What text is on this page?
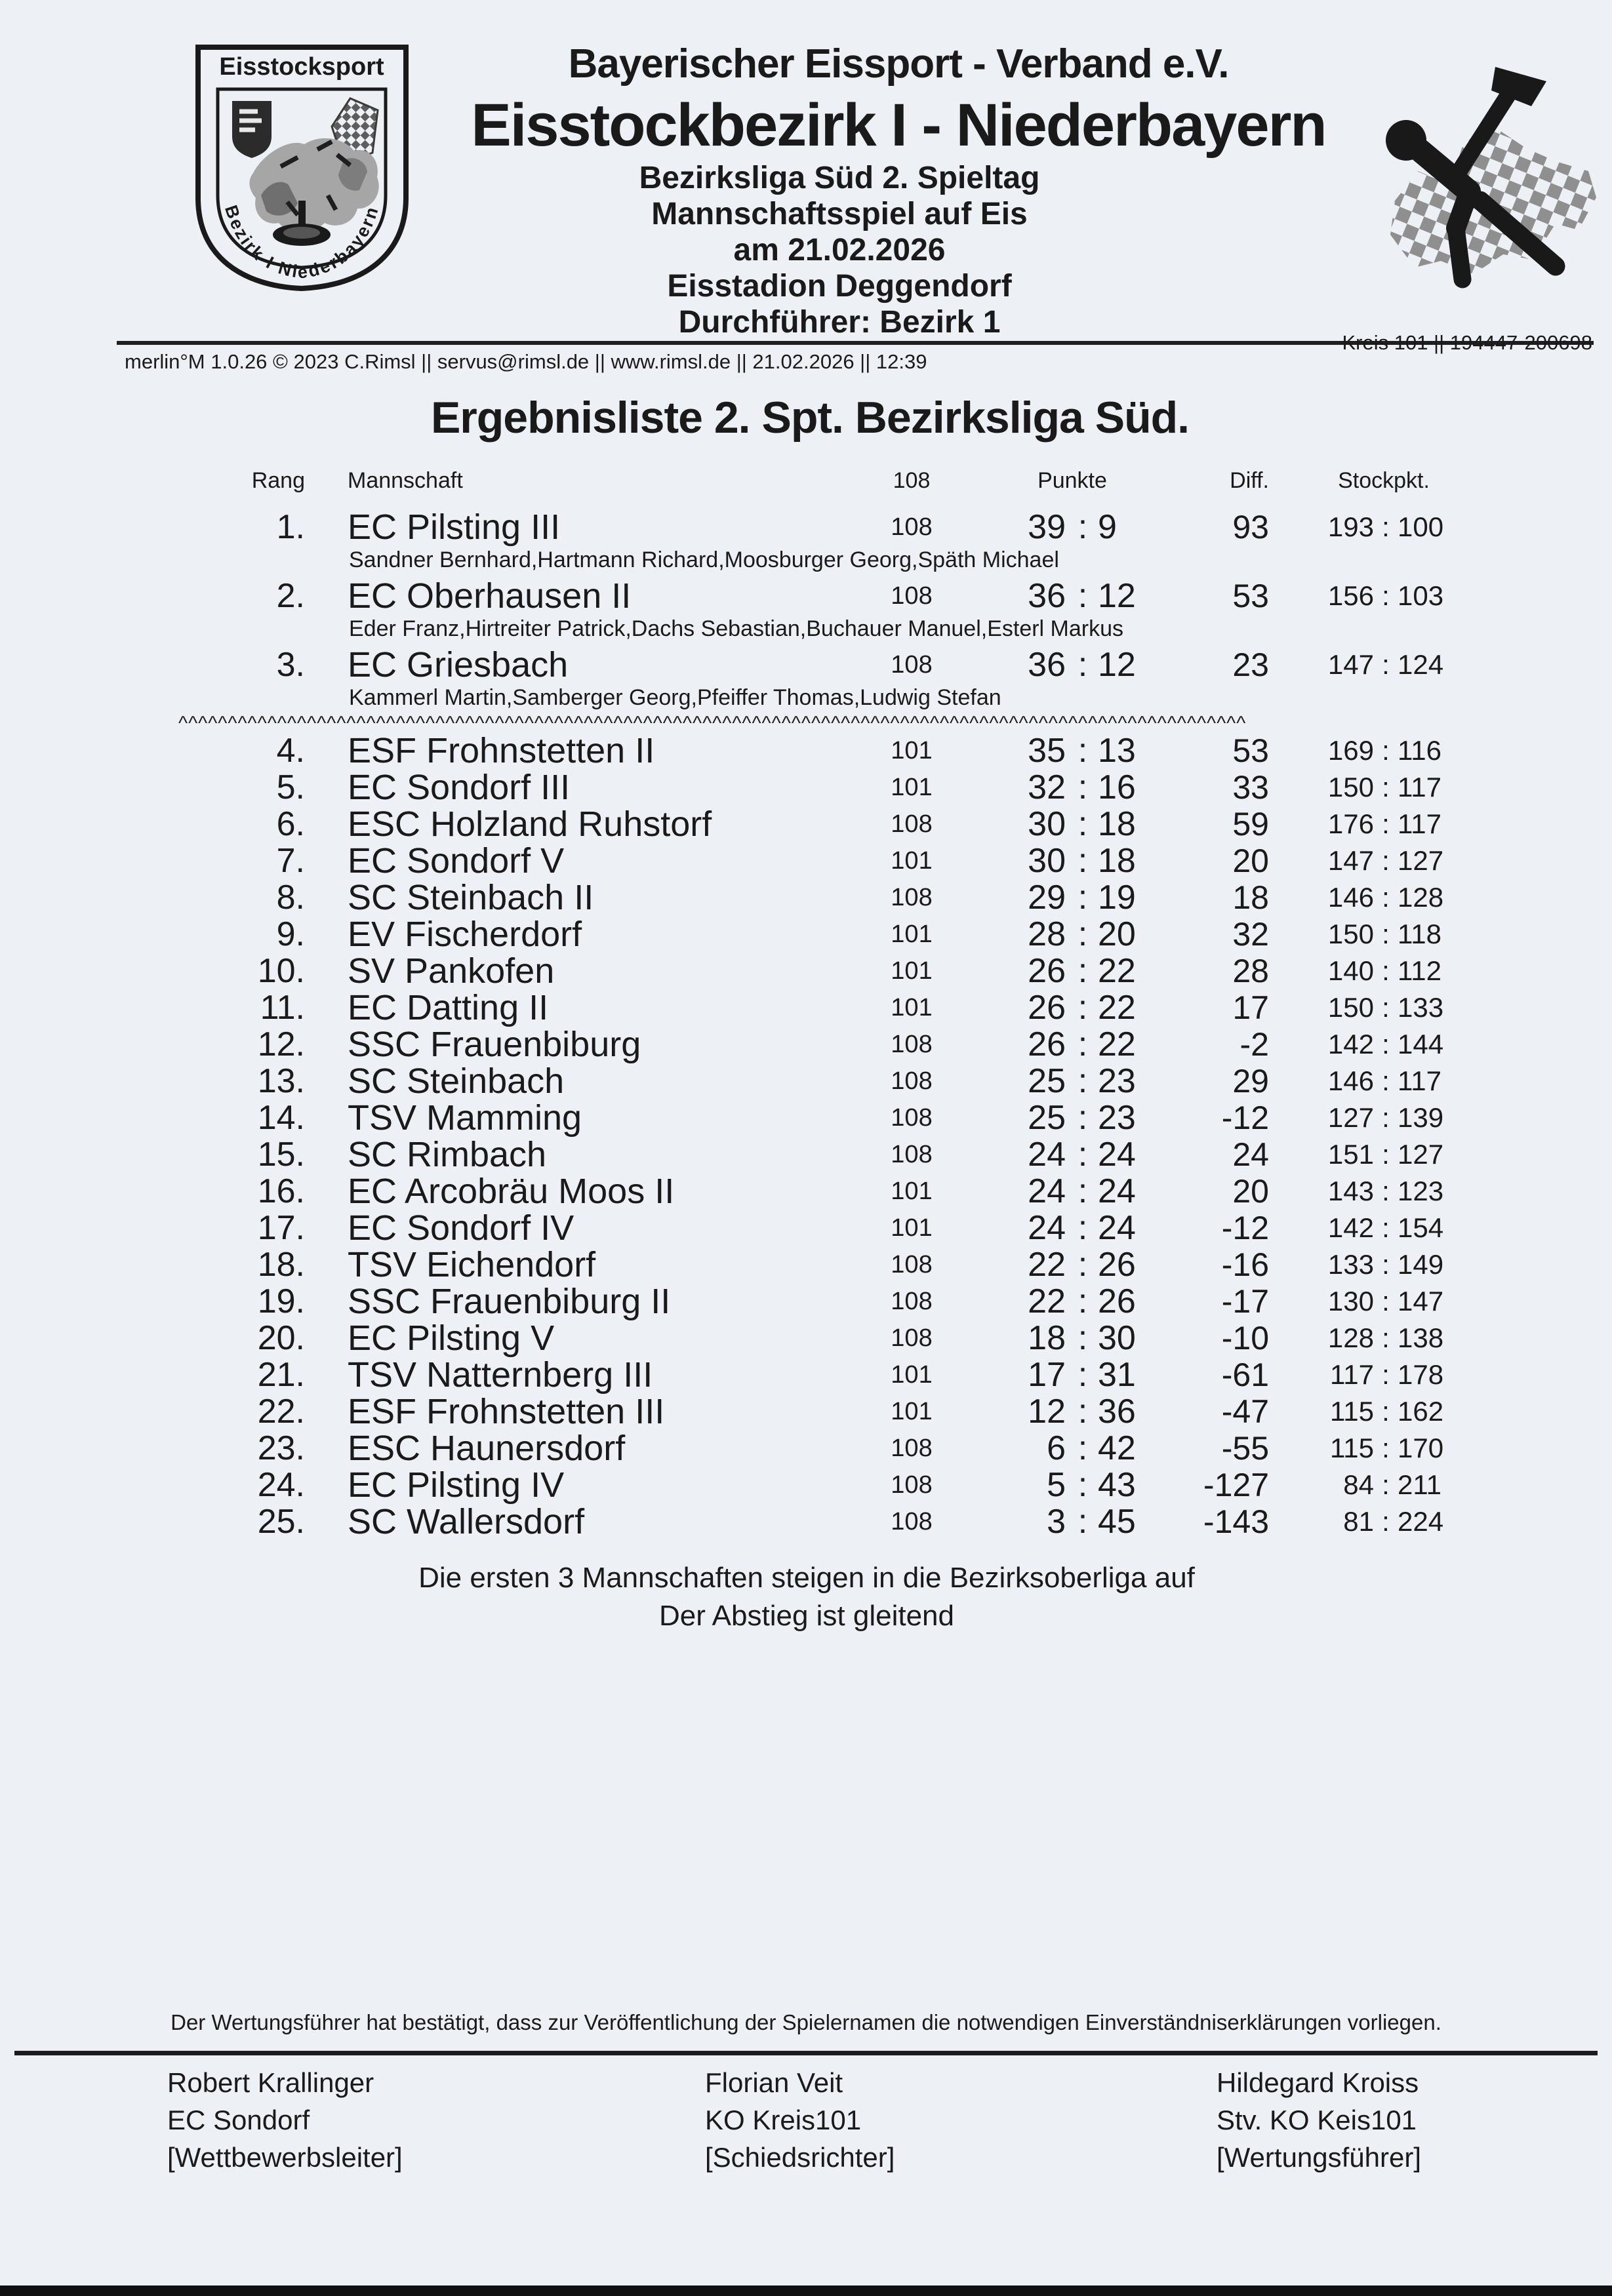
Eisstocksport
Bezirk-I Niederbayern
Bayerischer Eissport - Verband e.V.
Eisstockbezirk I - Niederbayern
Bezirksliga Süd 2. Spieltag
Mannschaftsspiel auf Eis
am 21.02.2026
Eisstadion Deggendorf
Durchführer: Bezirk 1
merlin°M 1.0.26 © 2023 C.Rimsl || servus@rimsl.de || www.rimsl.de || 21.02.2026 || 12:39
Kreis 101 || 194447-200698
Ergebnisliste 2. Spt. Bezirksliga Süd.
Rang Mannschaft	108	Punkte	Diff.	Stockpkt.
1. EC Pilsting III	108	39 : 9	93	193 : 100
Sandner Bernhard,Hartmann Richard,Moosburger Georg,Späth Michael
2. EC Oberhausen II	108	36 : 12	53	156 : 103
Eder Franz,Hirtreiter Patrick,Dachs Sebastian,Buchauer Manuel,Esterl Markus
3. EC Griesbach	108	36 : 12	23	147 : 124
Kammerl Martin,Samberger Georg,Pfeiffer Thomas,Ludwig Stefan
^^^^^^^^^^^^^^^^^^^^^^^^^^^^^^^^^^^^^^^^^^^^^^^^^^^^^^^^^^^^^^^^^^^^^^^^^^^^^^^^^^^^^^^^^^^^^^^^^^^^^^^^^^^^
4. ESF Frohnstetten II	101	35 : 13	53	169 : 116
5. EC Sondorf III	101	32 : 16	33	150 : 117
6. ESC Holzland Ruhstorf	108	30 : 18	59	176 : 117
7. EC Sondorf V	101	30 : 18	20	147 : 127
8. SC Steinbach II	108	29 : 19	18	146 : 128
9. EV Fischerdorf	101	28 : 20	32	150 : 118
10. SV Pankofen	101	26 : 22	28	140 : 112
11. EC Datting II	101	26 : 22	17	150 : 133
12. SSC Frauenbiburg	108	26 : 22	-2	142 : 144
13. SC Steinbach	108	25 : 23	29	146 : 117
14. TSV Mamming	108	25 : 23	-12	127 : 139
15. SC Rimbach	108	24 : 24	24	151 : 127
16. EC Arcobräu Moos II	101	24 : 24	20	143 : 123
17. EC Sondorf IV	101	24 : 24	-12	142 : 154
18. TSV Eichendorf	108	22 : 26	-16	133 : 149
19. SSC Frauenbiburg II	108	22 : 26	-17	130 : 147
20. EC Pilsting V	108	18 : 30	-10	128 : 138
21. TSV Natternberg III	101	17 : 31	-61	117 : 178
22. ESF Frohnstetten III	101	12 : 36	-47	115 : 162
23. ESC Haunersdorf	108	6 : 42	-55	115 : 170
24. EC Pilsting IV	108	5 : 43	-127	84 : 211
25. SC Wallersdorf	108	3 : 45	-143	81 : 224
Die ersten 3 Mannschaften steigen in die Bezirksoberliga auf
Der Abstieg ist gleitend
Der Wertungsführer hat bestätigt, dass zur Veröffentlichung der Spielernamen die notwendigen Einverständniserklärungen vorliegen.
Robert Krallinger
EC Sondorf
[Wettbewerbsleiter]
Florian Veit
KO Kreis101
[Schiedsrichter]
Hildegard Kroiss
Stv. KO Keis101
[Wertungsführer]
